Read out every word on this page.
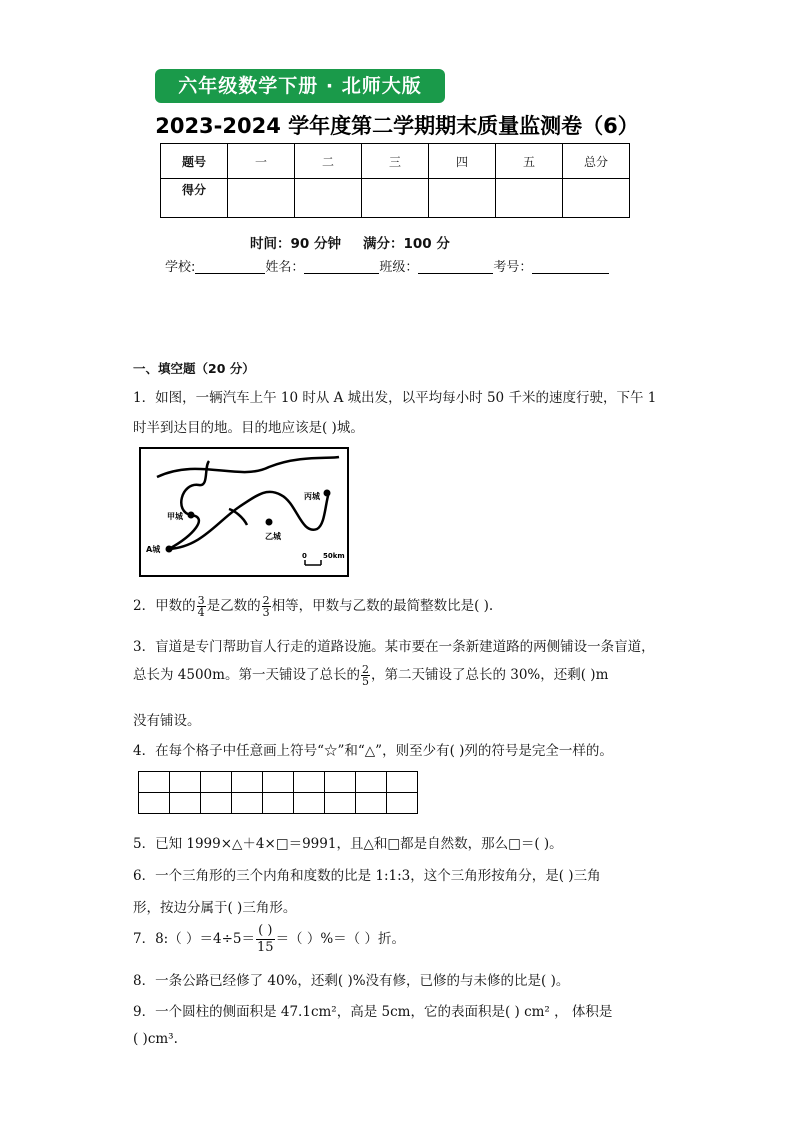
六年级数学下册 · 北师大版
2023-2024 学年度第二学期期末质量监测卷（6）
题号	一	二	三	四	五	总分
得分						
时间：90 分钟 满分：100 分
学校:	姓名：	班级：	考号：
一、填空题（20 分）
1．如图，一辆汽车上午 10 时从 A 城出发，以平均每小时 50 千米的速度行驶，下午 1
时半到达目的地。目的地应该是( )城。
甲城
乙城
丙城
A城
0 50km
2．甲数的 $\frac{3}{4}$ 是乙数的 $\frac{2}{3}$ 相等，甲数与乙数的最简整数比是( ).
3．盲道是专门帮助盲人行走的道路设施。某市要在一条新建道路的两侧铺设一条盲道，
总长为 4500m。第一天铺设了总长的 $\frac{2}{5}$ ，第二天铺设了总长的 30%，还剩( )m
没有铺设。
4．在每个格子中任意画上符号“☆”和“△”，则至少有( )列的符号是完全一样的。

5．已知 1999×△＋4×□＝9991，且△和□都是自然数，那么□＝( )。
6．一个三角形的三个内角和度数的比是 1:1:3，这个三角形按角分，是( )三角
形，按边分属于( )三角形。
7．8:（ ）$=4\div 5= \frac{( )}{15}$ ＝（ ）%＝（ ）折。
8．一条公路已经修了 40%，还剩( )%没有修，已修的与未修的比是( )。
9．一个圆柱的侧面积是 47.1cm²，高是 5cm，它的表面积是( ) cm² ， 体积是
( )cm³.
